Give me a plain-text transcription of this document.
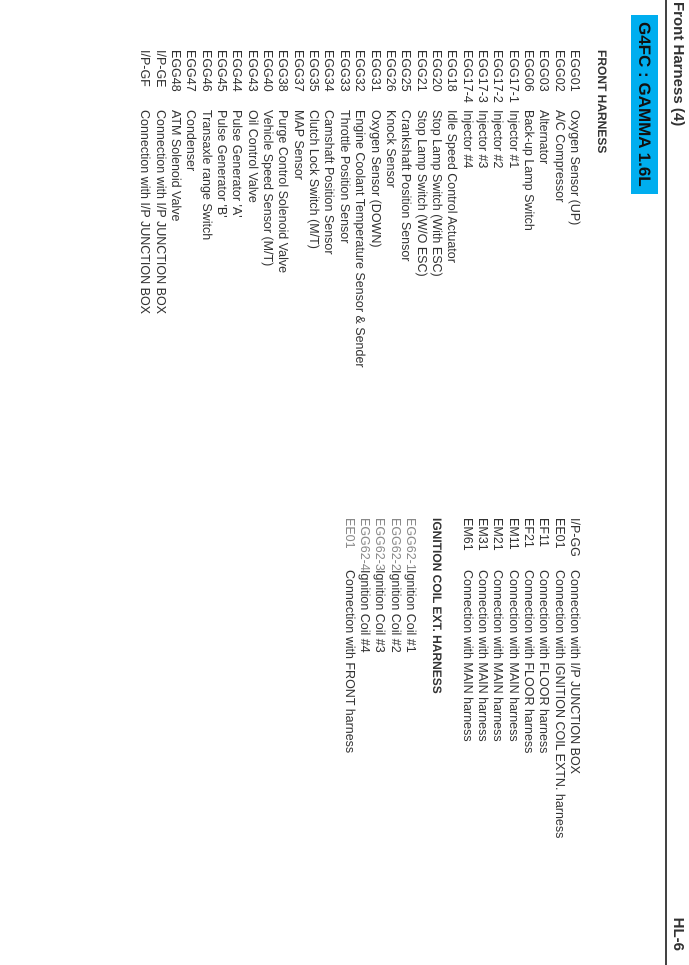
Front Harness (4)
HL-6
G4FC : GAMMA 1.6L
FRONT HARNESS
EGG01
Oxygen Sensor (UP)
EGG02
A/C Compressor
EGG03
Alternator
EGG06
Back-up Lamp Switch
EGG17-1
Injector #1
EGG17-2
Injector #2
EGG17-3
Injector #3
EGG17-4
Injector #4
EGG18
Idle Speed Control Actuator
EGG20
Stop Lamp Switch (With ESC)
EGG21
Stop Lamp Switch (W/O ESC)
EGG25
Crankshaft Position Sensor
EGG26
Knock Sensor
EGG31
Oxygen Sensor (DOWN)
EGG32
Engine Coolant Temperature Sensor & Sender
EGG33
Throttle Position Sensor
EGG34
Camshaft Position Sensor
EGG35
Clutch Lock Switch (M/T)
EGG37
MAP Sensor
EGG38
Purge Control Solenoid Valve
EGG40
Vehicle Speed Sensor (M/T)
EGG43
Oil Control Valve
EGG44
Pulse Generator 'A'
EGG45
Pulse Generator 'B'
EGG46
Transaxle range Switch
EGG47
Condenser
EGG48
ATM Solenoid Valve
I/P-GE
Connection with I/P JUNCTION BOX
I/P-GF
Connection with I/P JUNCTION BOX
I/P-GG
Connection with I/P JUNCTION BOX
EE01
Connection with IGNITION COIL EXTN. harness
EF11
Connection with FLOOR harness
EF21
Connection with FLOOR harness
EM11
Connection with MAIN harness
EM21
Connection with MAIN harness
EM31
Connection with MAIN harness
EM61
Connection with MAIN harness
IGNITION COIL EXT. HARNESS
EGG62-1
Ignition Coil #1
EGG62-2
Ignition Coil #2
EGG62-3
Ignition Coil #3
EGG62-4
Ignition Coil #4
EE01
Connection with FRONT harness
